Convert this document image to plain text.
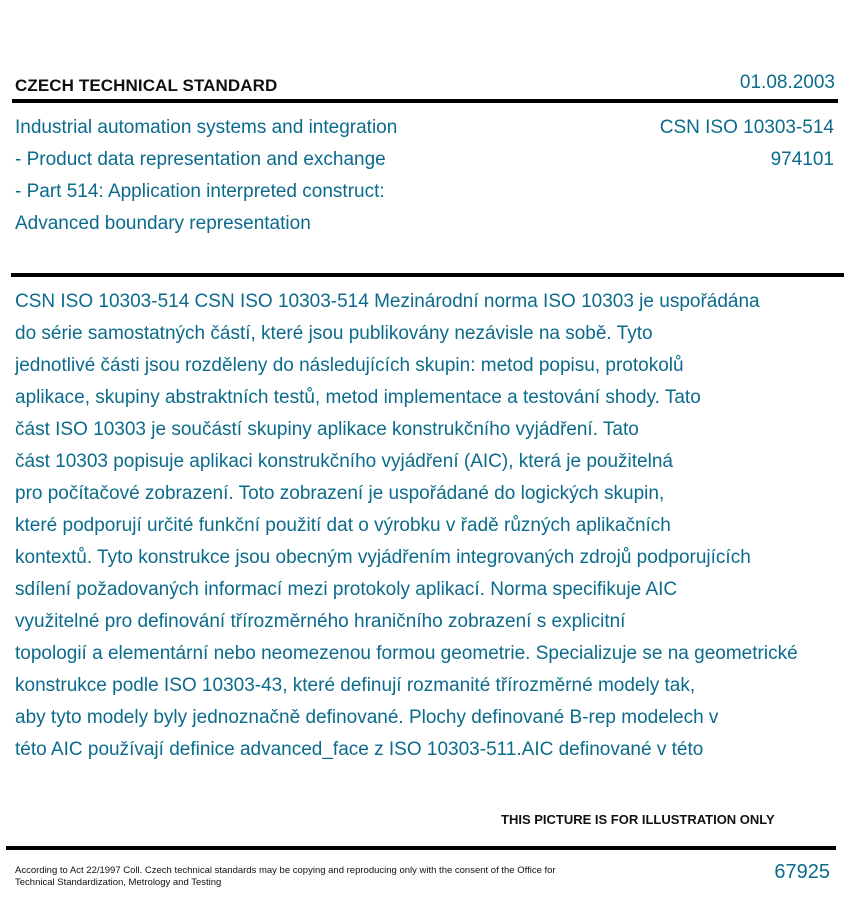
CZECH TECHNICAL STANDARD	01.08.2003
Industrial automation systems and integration
- Product data representation and exchange
- Part 514: Application interpreted construct:
Advanced boundary representation
CSN ISO 10303-514
974101
CSN ISO 10303-514 CSN ISO 10303-514 Mezinárodní norma ISO 10303 je uspořádána
do série samostatných částí, které jsou publikovány nezávisle na sobě. Tyto
jednotlivé části jsou rozděleny do následujících skupin: metod popisu, protokolů
aplikace, skupiny abstraktních testů, metod implementace a testování shody. Tato
část ISO 10303 je součástí skupiny aplikace konstrukčního vyjádření. Tato
část 10303 popisuje aplikaci konstrukčního vyjádření (AIC), která je použitelná
pro počítačové zobrazení. Toto zobrazení je uspořádané do logických skupin,
které podporují určité funkční použití dat o výrobku v řadě různých aplikačních
kontextů. Tyto konstrukce jsou obecným vyjádřením integrovaných zdrojů podporujících
sdílení požadovaných informací mezi protokoly aplikací. Norma specifikuje AIC
využitelné pro definování třírozměrného hraničního zobrazení s explicitní
topologií a elementární nebo neomezenou formou geometrie. Specializuje se na geometrické
konstrukce podle ISO 10303-43, které definují rozmanité třírozměrné modely tak,
aby tyto modely byly jednoznačně definované. Plochy definované B-rep modelech v
této AIC používají definice advanced_face z ISO 10303-511.AIC definované v této
THIS PICTURE IS FOR ILLUSTRATION ONLY
According to Act 22/1997 Coll. Czech technical standards may be copying and reproducing only with the consent of the Office for Technical Standardization, Metrology and Testing	67925
